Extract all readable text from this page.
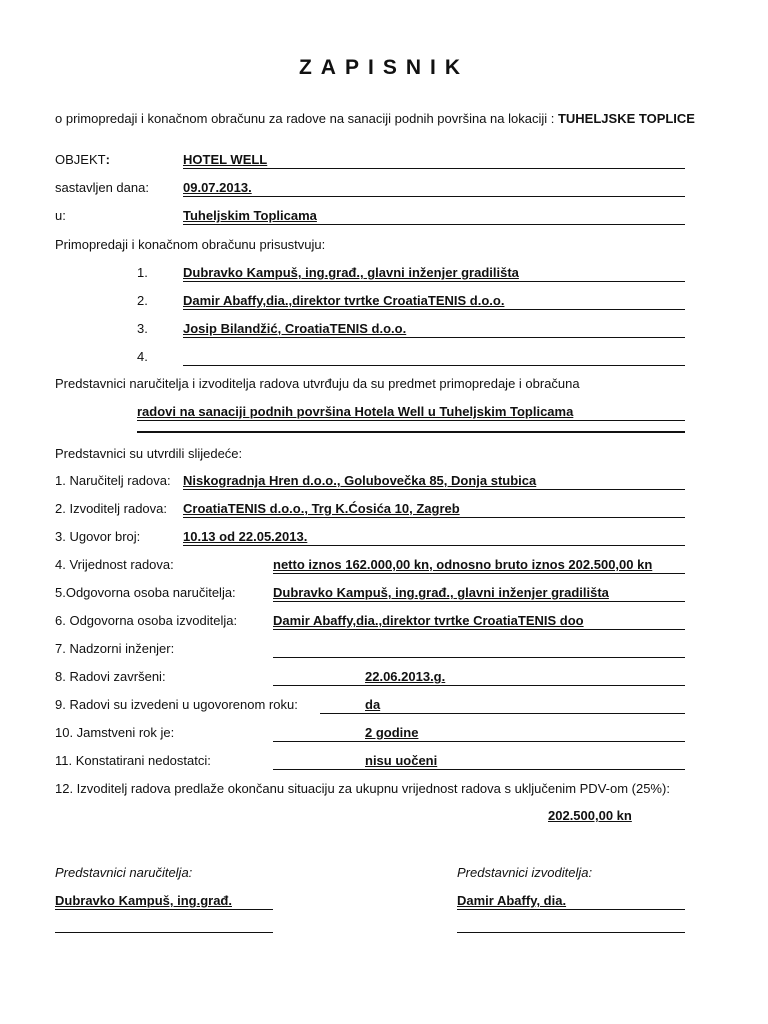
ZAPISNIK
o primopredaji i konačnom obračunu za radove na sanaciji podnih površina na lokaciji : TUHELJSKE TOPLICE
OBJEKT:	HOTEL WELL
sastavljen dana:	09.07.2013.
u:	Tuheljskim Toplicama
Primopredaji i konačnom obračunu prisustvuju:
1.	Dubravko Kampuš, ing.građ., glavni inženjer gradilišta
2.	Damir Abaffy,dia.,direktor tvrtke CroatiaTENIS d.o.o.
3.	Josip Bilandžić, CroatiaTENIS d.o.o.
4.
Predstavnici naručitelja i izvoditelja radova utvrđuju da su predmet primopredaje i obračuna
radovi na sanaciji podnih površina Hotela Well u Tuheljskim Toplicama
Predstavnici su utvrdili slijedeće:
1. Naručitelj radova: Niskogradnja Hren d.o.o., Golubovečka 85, Donja stubica
2. Izvoditelj radova: CroatiaTENIS d.o.o., Trg K.Ćosića 10, Zagreb
3. Ugovor broj:	10.13 od 22.05.2013.
4. Vrijednost radova:	netto iznos 162.000,00 kn, odnosno bruto iznos 202.500,00 kn
5.Odgovorna osoba naručitelja:	Dubravko Kampuš, ing.građ., glavni inženjer gradilišta
6. Odgovorna osoba izvoditelja:	Damir Abaffy,dia.,direktor tvrtke CroatiaTENIS doo
7. Nadzorni inženjer:
8. Radovi završeni:	22.06.2013.g.
9. Radovi su izvedeni u ugovorenom roku:	da
10. Jamstveni rok je:	2 godine
11. Konstatirani nedostatci:	nisu uočeni
12. Izvoditelj radova predlaže okončanu situaciju za ukupnu vrijednost radova s uključenim PDV-om (25%):
202.500,00 kn
Predstavnici naručitelja:	Predstavnici izvoditelja:
Dubravko Kampuš, ing.građ.	Damir Abaffy, dia.
